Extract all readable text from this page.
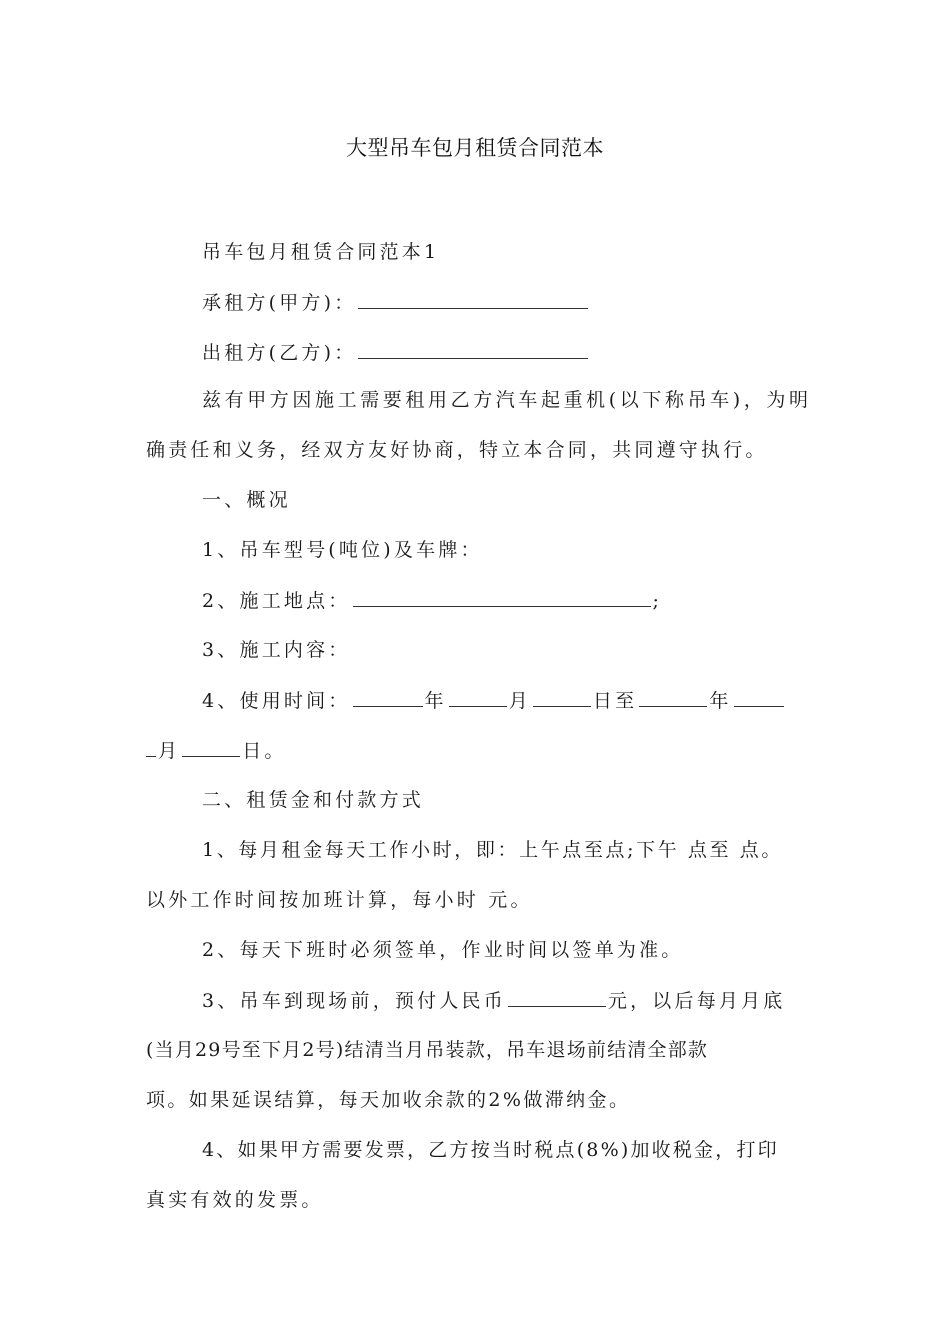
大型吊车包月租赁合同范本
吊车包月租赁合同范本1
承租方(甲方)：
出租方(乙方)：
兹有甲方因施工需要租用乙方汽车起重机(以下称吊车)，为明
确责任和义务，经双方友好协商，特立本合同，共同遵守执行。
一、概况
1、吊车型号(吨位)及车牌：
2、施工地点：	;
3、施工内容：
4、使用时间：	年	月	日至	年
月	日。
二、租赁金和付款方式
1、每月租金每天工作小时，即：上午点至点;下午 点至 点。
以外工作时间按加班计算，每小时 元。
2、每天下班时必须签单，作业时间以签单为准。
3、吊车到现场前，预付人民币	元，以后每月月底
(当月29号至下月2号)结清当月吊装款，吊车退场前结清全部款
项。如果延误结算，每天加收余款的2%做滞纳金。
4、如果甲方需要发票，乙方按当时税点(8%)加收税金，打印
真实有效的发票。
